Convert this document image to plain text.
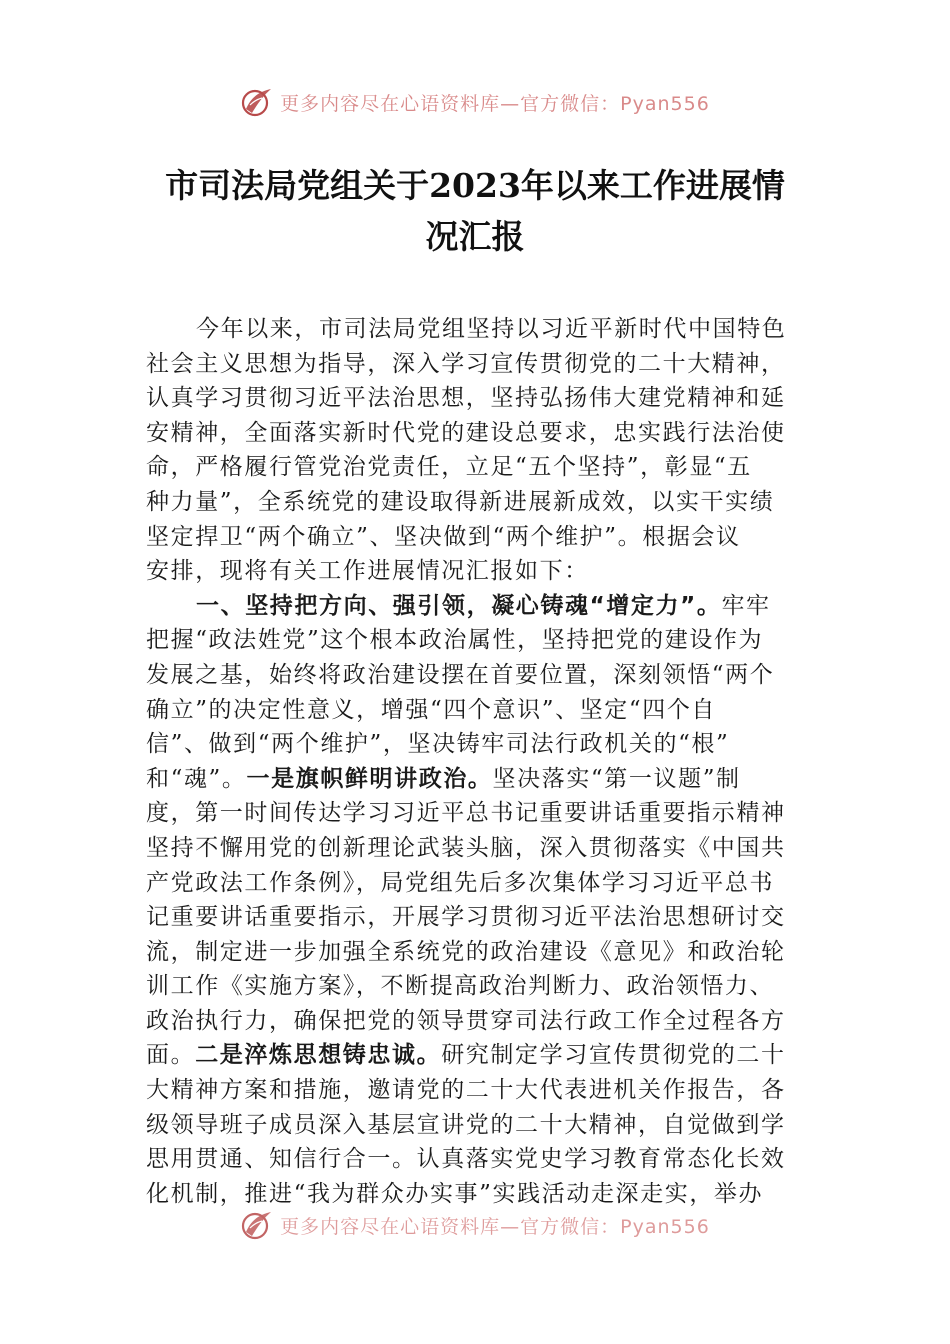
更多内容尽在心语资料库—官方微信：Pyan556
市司法局党组关于2023年以来工作进展情
况汇报
今年以来，市司法局党组坚持以习近平新时代中国特色
社会主义思想为指导，深入学习宣传贯彻党的二十大精神，
认真学习贯彻习近平法治思想，坚持弘扬伟大建党精神和延
安精神，全面落实新时代党的建设总要求，忠实践行法治使
命，严格履行管党治党责任，立足“五个坚持”，彰显“五
种力量”，全系统党的建设取得新进展新成效，以实干实绩
坚定捍卫“两个确立”、坚决做到“两个维护”。根据会议
安排，现将有关工作进展情况汇报如下：
一、坚持把方向、强引领，凝心铸魂“增定力”。牢牢
把握“政法姓党”这个根本政治属性，坚持把党的建设作为
发展之基，始终将政治建设摆在首要位置，深刻领悟“两个
确立”的决定性意义，增强“四个意识”、坚定“四个自
信”、做到“两个维护”，坚决铸牢司法行政机关的“根”
和“魂”。一是旗帜鲜明讲政治。坚决落实“第一议题”制
度，第一时间传达学习习近平总书记重要讲话重要指示精神
坚持不懈用党的创新理论武装头脑，深入贯彻落实《中国共
产党政法工作条例》，局党组先后多次集体学习习近平总书
记重要讲话重要指示，开展学习贯彻习近平法治思想研讨交
流，制定进一步加强全系统党的政治建设《意见》和政治轮
训工作《实施方案》，不断提高政治判断力、政治领悟力、
政治执行力，确保把党的领导贯穿司法行政工作全过程各方
面。二是淬炼思想铸忠诚。研究制定学习宣传贯彻党的二十
大精神方案和措施，邀请党的二十大代表进机关作报告，各
级领导班子成员深入基层宣讲党的二十大精神，自觉做到学
思用贯通、知信行合一。认真落实党史学习教育常态化长效
化机制，推进“我为群众办实事”实践活动走深走实，举办
更多内容尽在心语资料库—官方微信：Pyan556
